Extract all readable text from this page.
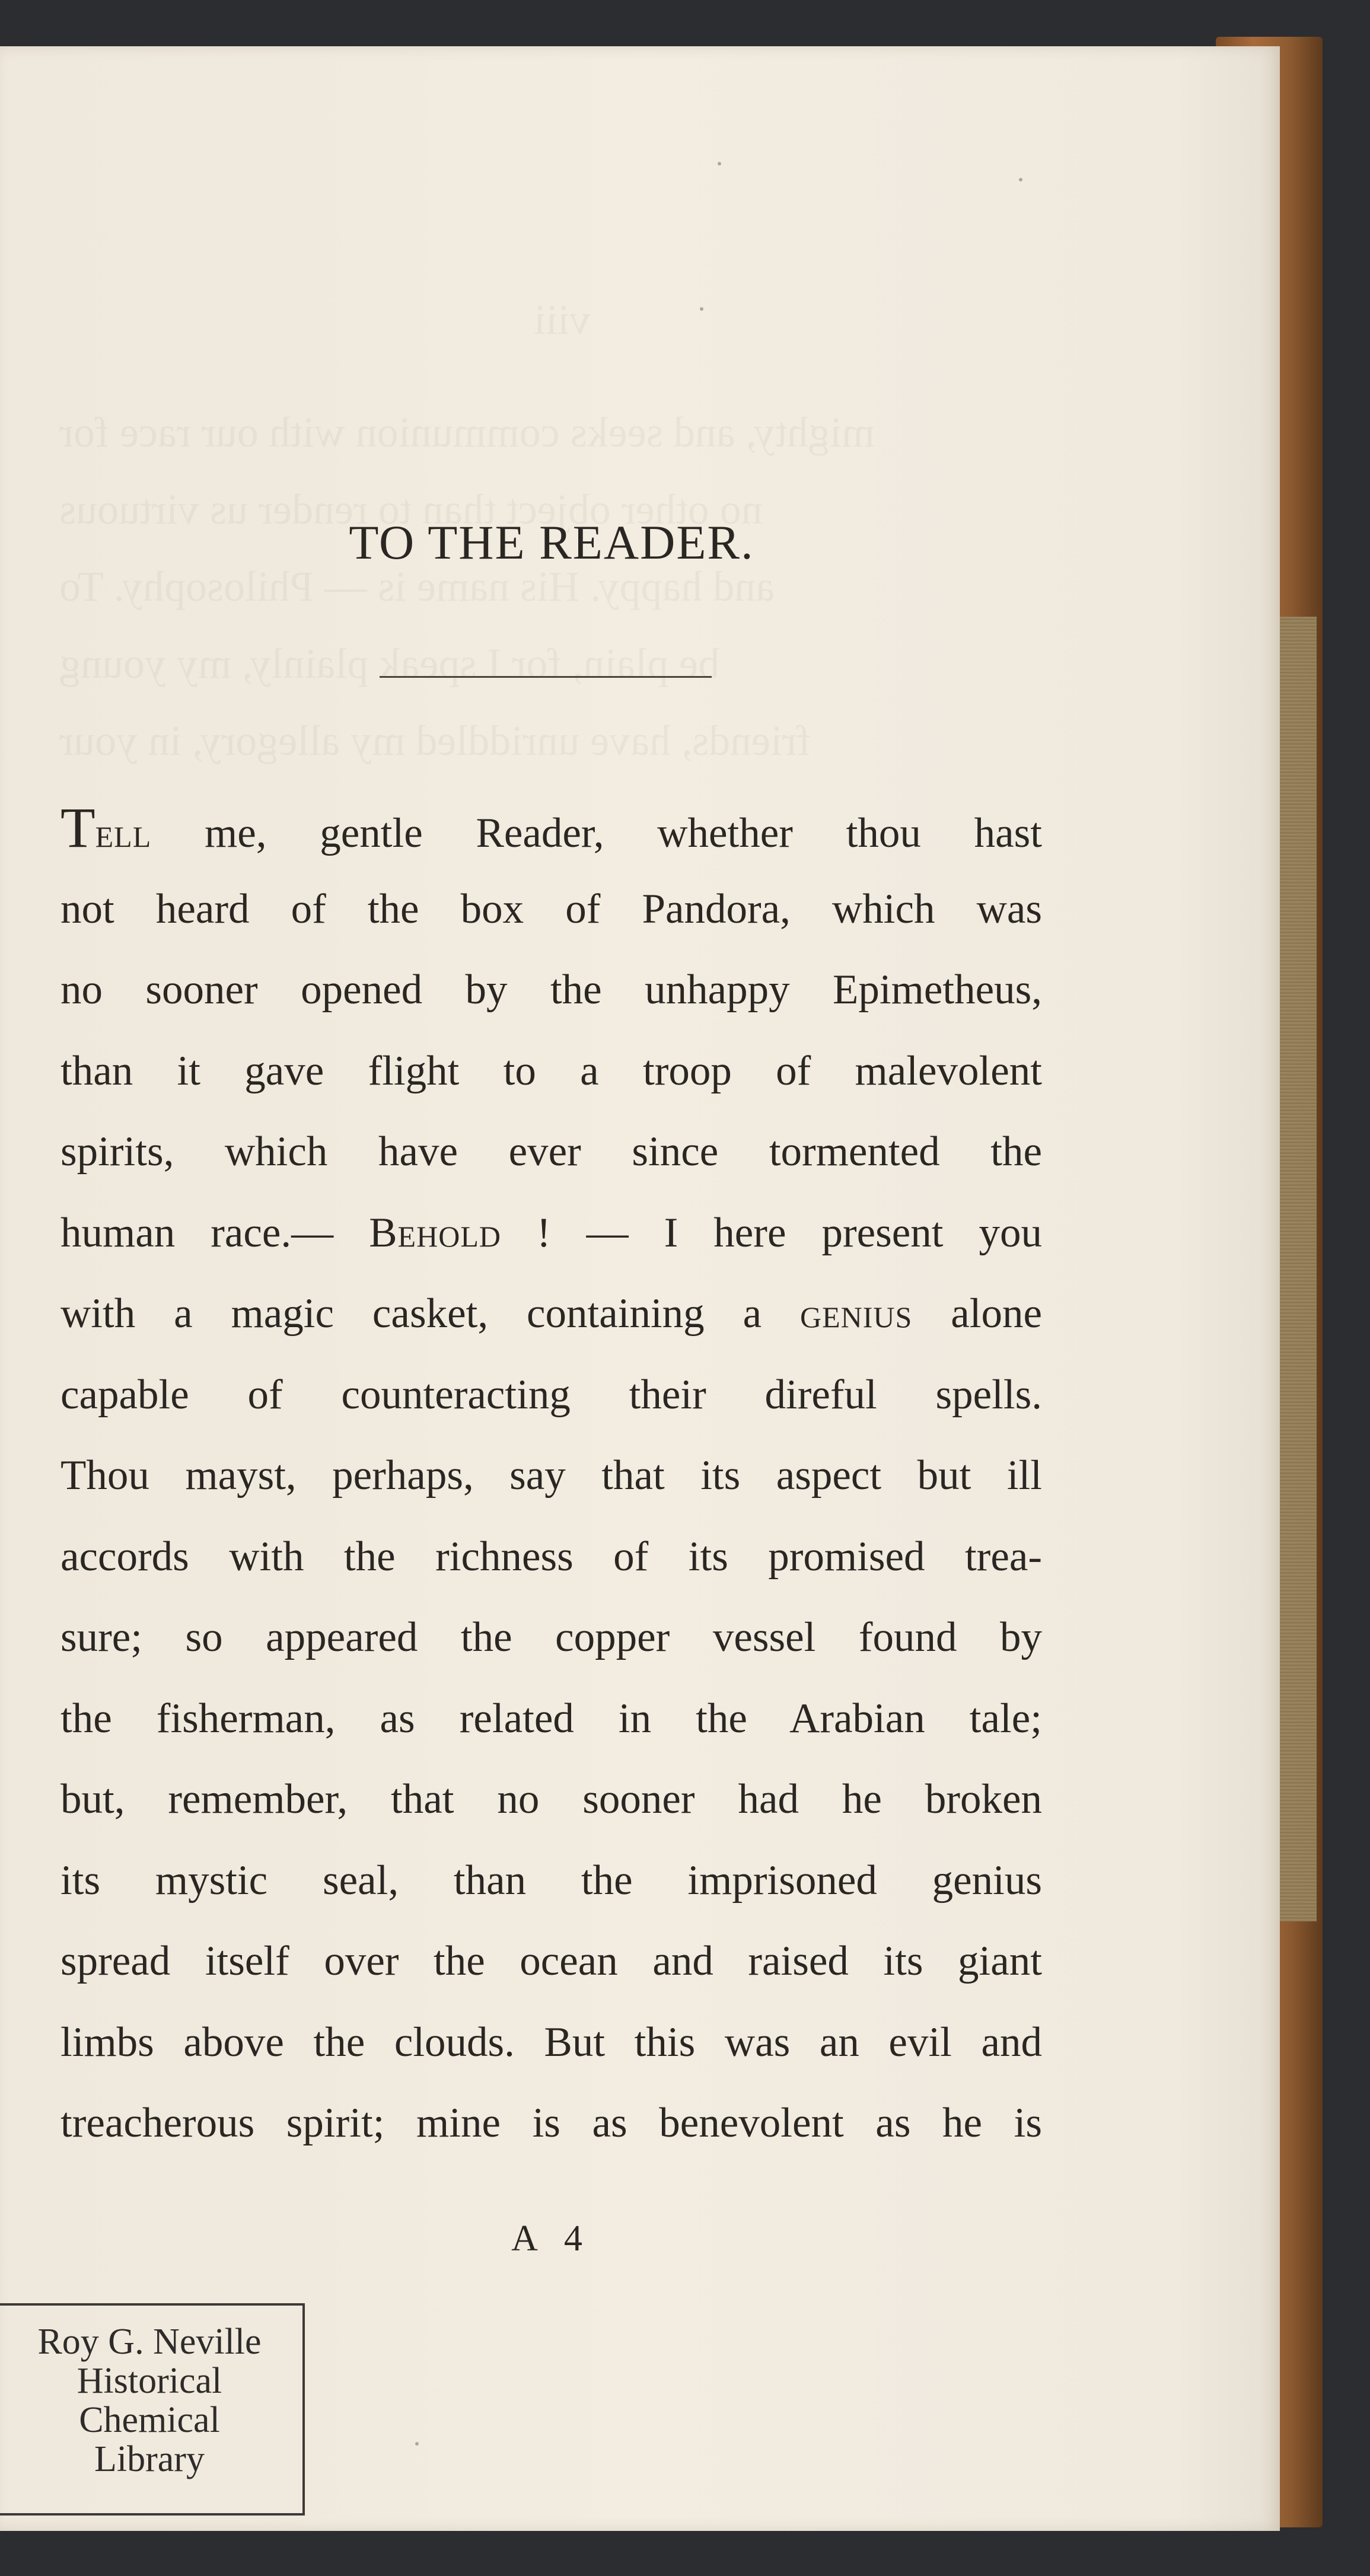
TO THE READER.
Tell me, gentle Reader, whether thou hast
not heard of the box of Pandora, which was
no sooner opened by the unhappy Epimetheus,
than it gave flight to a troop of malevolent
spirits, which have ever since tormented the
human race.— Behold ! — I here present you
with a magic casket, containing a genius alone
capable of counteracting their direful spells.
Thou mayst, perhaps, say that its aspect but ill
accords with the richness of its promised trea-
sure; so appeared the copper vessel found by
the fisherman, as related in the Arabian tale;
but, remember, that no sooner had he broken
its mystic seal, than the imprisoned genius
spread itself over the ocean and raised its giant
limbs above the clouds. But this was an evil and
treacherous spirit; mine is as benevolent as he is
A 4
Roy G. Neville
Historical
Chemical
Library
